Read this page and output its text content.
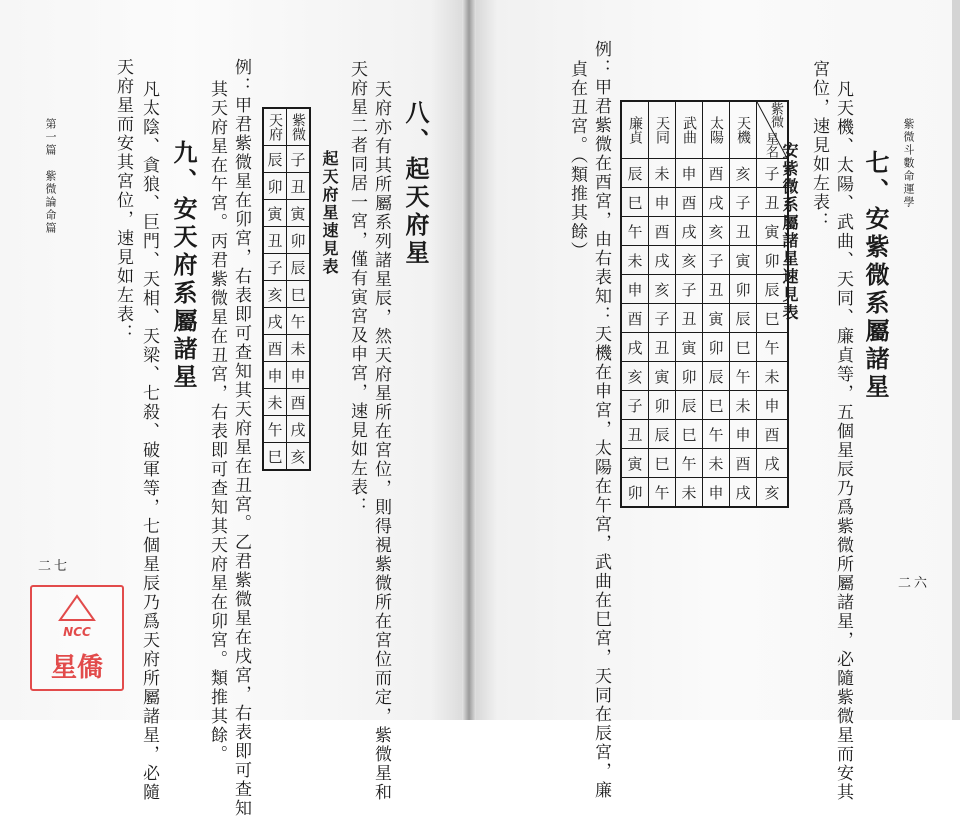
第一篇　紫微論命篇
二七
八、起天府星
天府亦有其所屬系列諸星辰，然天府星所在宮位，則得視紫微所在宮位而定，紫微星和
天府星二者同居一宮，僅有寅宮及申宮，速見如左表：
起天府星速見表
天府	紫微
辰	子
卯	丑
寅	寅
丑	卯
子	辰
亥	巳
戌	午
酉	未
申	申
未	酉
午	戌
巳	亥
例：甲君紫微星在卯宮，右表即可查知其天府星在丑宮。乙君紫微星在戌宮，右表即可查知
其天府星在午宮。丙君紫微星在丑宮，右表即可查知其天府星在卯宮。類推其餘。
九、安天府系屬諸星
凡太陰、貪狼、巨門、天相、天梁、七殺、破軍等，七個星辰乃爲天府所屬諸星，必隨
天府星而安其宮位，速見如左表：	紫微斗數命運學
二六
七、安紫微系屬諸星
凡天機、太陽、武曲、天同、廉貞等，五個星辰乃爲紫微所屬諸星，必隨紫微星而安其
宮位，速見如左表：
安紫微系屬諸星速見表
廉貞	天同	武曲	太陽	天機	紫微
星名

辰	未	申	酉	亥	子
巳	申	酉	戌	子	丑
午	酉	戌	亥	丑	寅
未	戌	亥	子	寅	卯
申	亥	子	丑	卯	辰
酉	子	丑	寅	辰	巳
戌	丑	寅	卯	巳	午
亥	寅	卯	辰	午	未
子	卯	辰	巳	未	申
丑	辰	巳	午	申	酉
寅	巳	午	未	酉	戌
卯	午	未	申	戌	亥
例：甲君紫微在酉宮，由右表知：天機在申宮，太陽在午宮，武曲在巳宮，天同在辰宮，廉
貞在丑宮。（類推其餘）
NCC
星僑
